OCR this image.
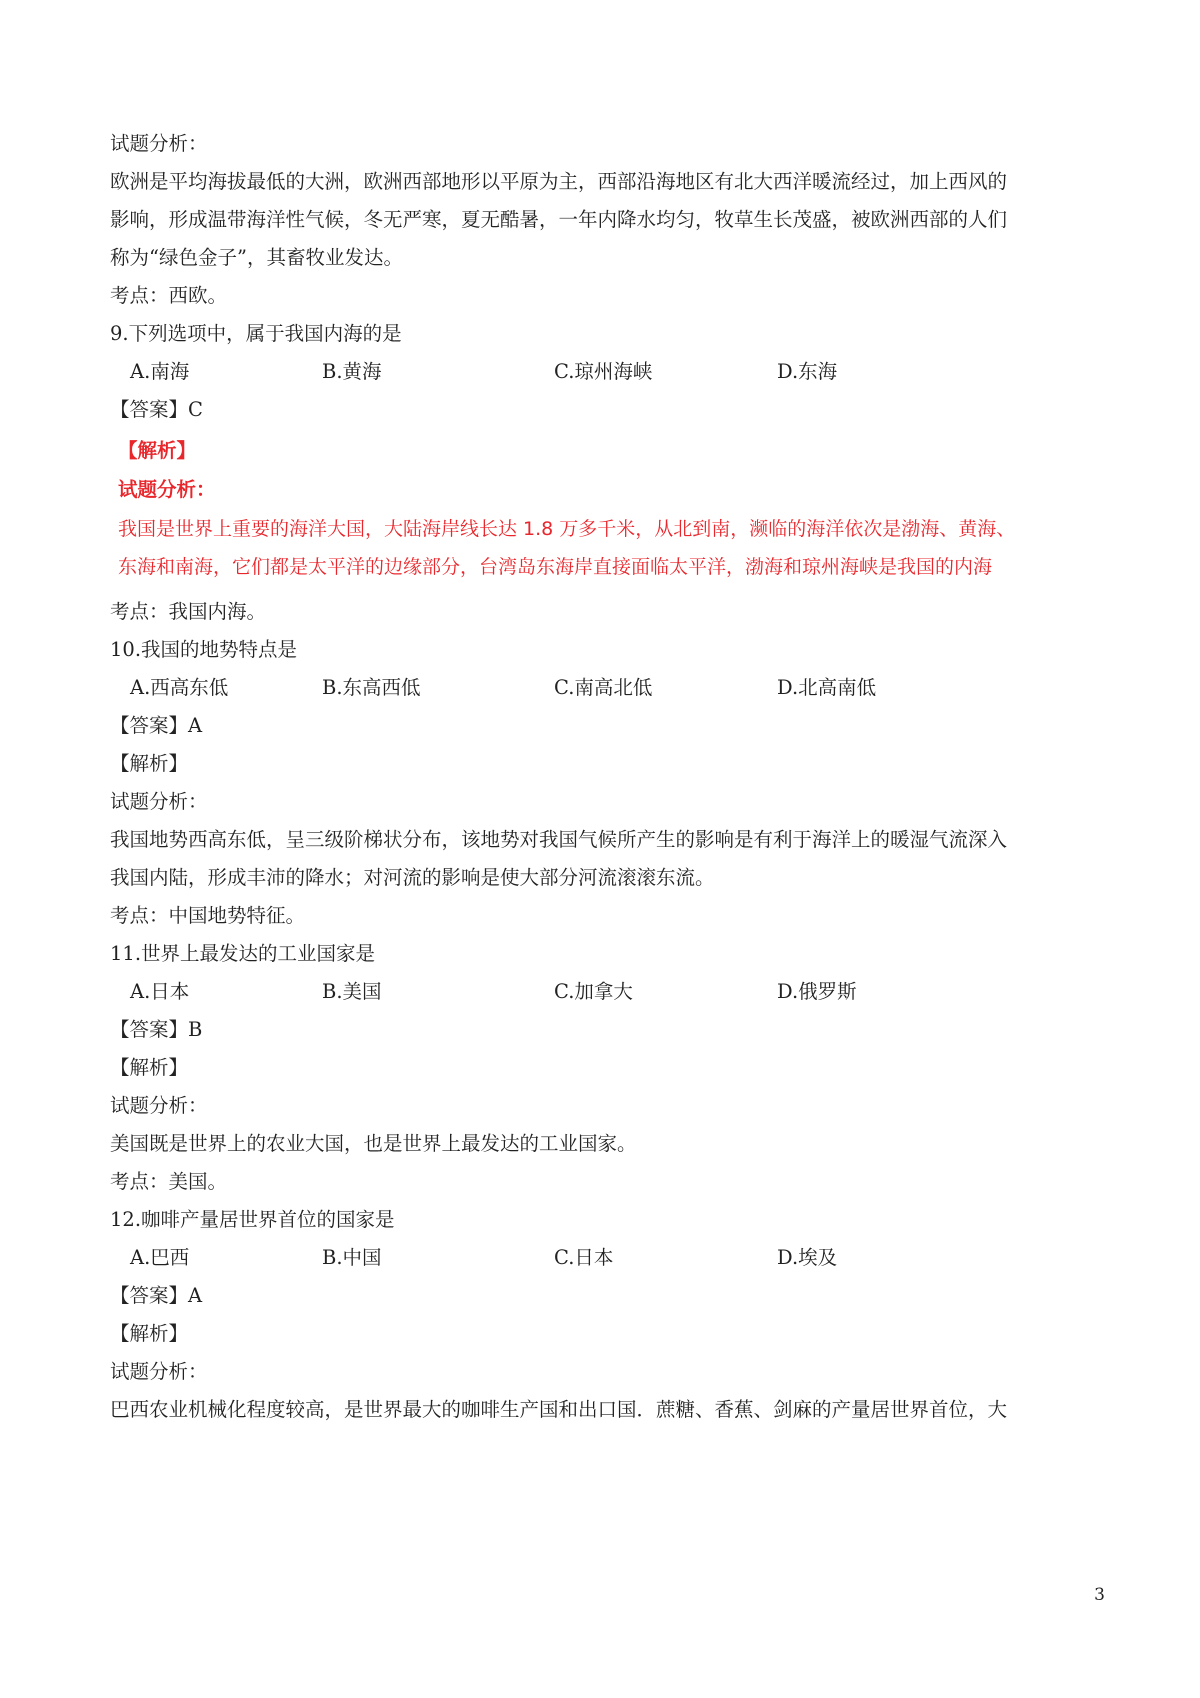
试题分析：
欧洲是平均海拔最低的大洲，欧洲西部地形以平原为主，西部沿海地区有北大西洋暖流经过，加上西风的
影响，形成温带海洋性气候，冬无严寒，夏无酷暑，一年内降水均匀，牧草生长茂盛，被欧洲西部的人们
称为“绿色金子”，其畜牧业发达。
考点：西欧。
9.下列选项中，属于我国内海的是
A.南海	B.黄海	C.琼州海峡	D.东海
【答案】C
【解析】
试题分析：
我国是世界上重要的海洋大国，大陆海岸线长达 1.8 万多千米，从北到南，濒临的海洋依次是渤海、黄海、
东海和南海，它们都是太平洋的边缘部分，台湾岛东海岸直接面临太平洋，渤海和琼州海峡是我国的内海
考点：我国内海。
10.我国的地势特点是
A.西高东低	B.东高西低	C.南高北低	D.北高南低
【答案】A
【解析】
试题分析：
我国地势西高东低，呈三级阶梯状分布，该地势对我国气候所产生的影响是有利于海洋上的暖湿气流深入
我国内陆，形成丰沛的降水；对河流的影响是使大部分河流滚滚东流。
考点：中国地势特征。
11.世界上最发达的工业国家是
A.日本	B.美国	C.加拿大	D.俄罗斯
【答案】B
【解析】
试题分析：
美国既是世界上的农业大国，也是世界上最发达的工业国家。
考点：美国。
12.咖啡产量居世界首位的国家是
A.巴西	B.中国	C.日本	D.埃及
【答案】A
【解析】
试题分析：
巴西农业机械化程度较高，是世界最大的咖啡生产国和出口国．蔗糖、香蕉、剑麻的产量居世界首位，大
3
